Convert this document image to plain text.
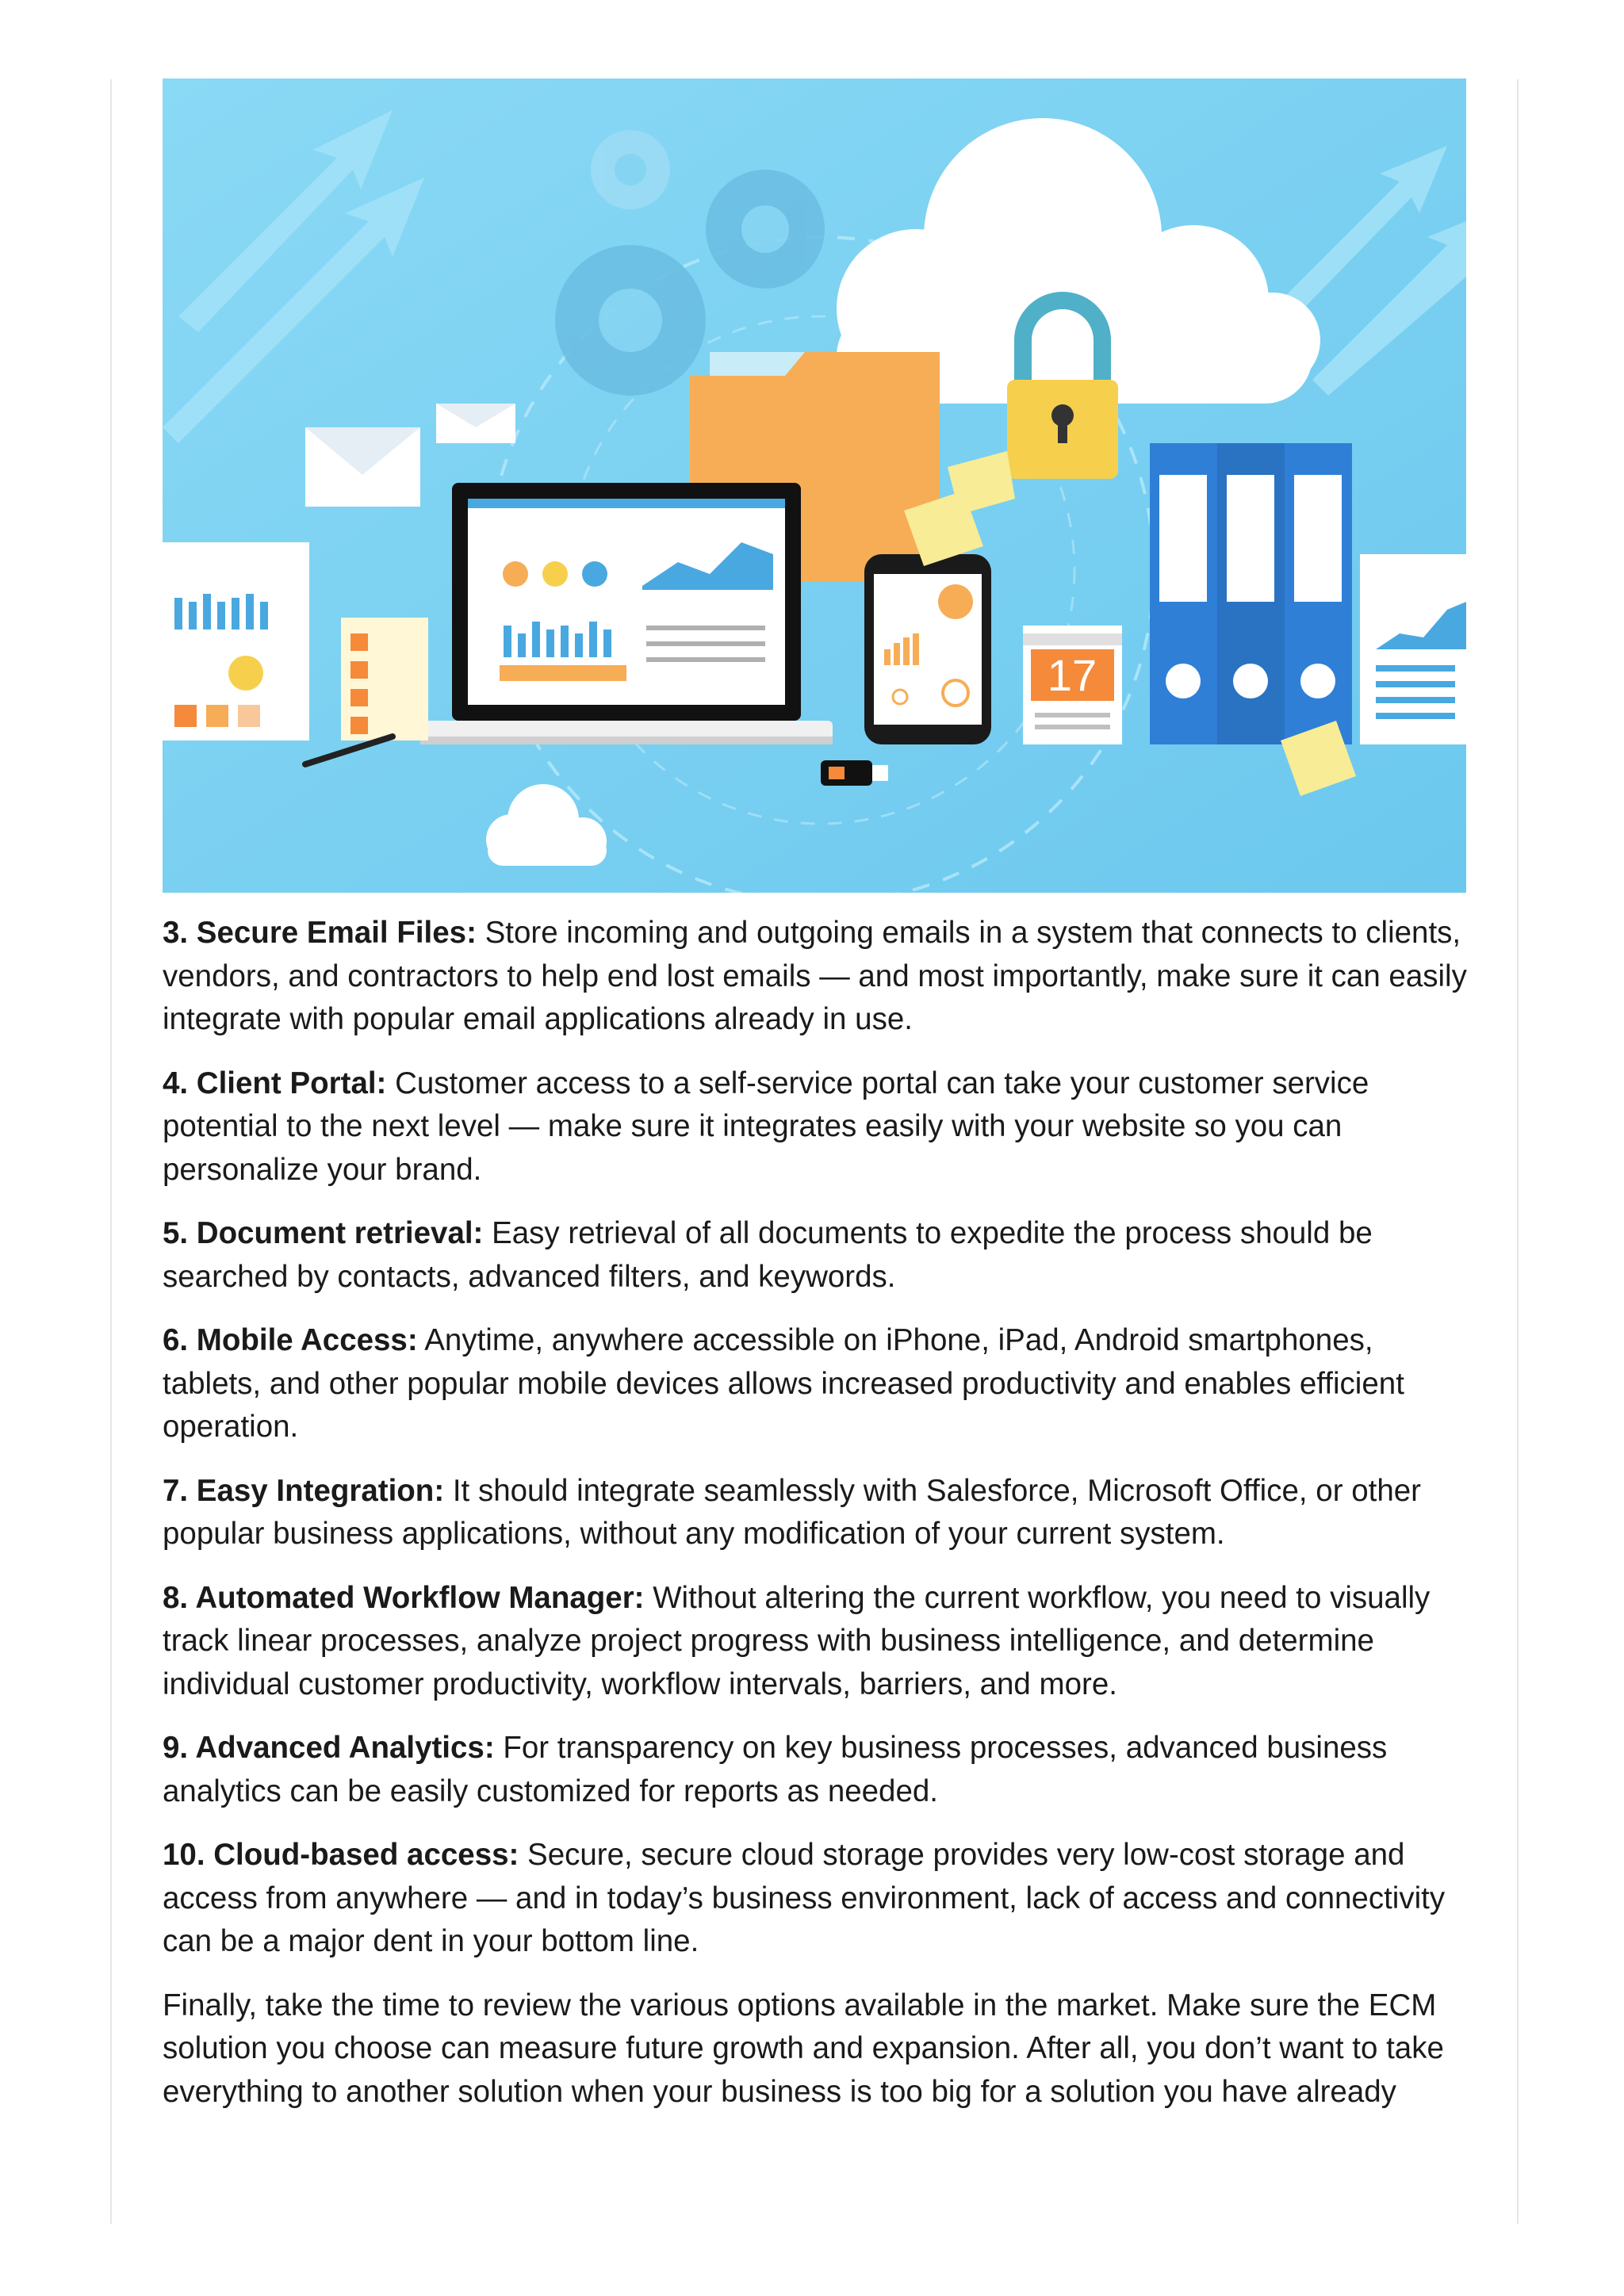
17

3. Secure Email Files: Store incoming and outgoing emails in a system that connects to clients, vendors, and contractors to help end lost emails — and most importantly, make sure it can easily integrate with popular email applications already in use.

4. Client Portal: Customer access to a self-service portal can take your customer service potential to the next level — make sure it integrates easily with your website so you can personalize your brand.

5. Document retrieval: Easy retrieval of all documents to expedite the process should be searched by contacts, advanced filters, and keywords.

6. Mobile Access: Anytime, anywhere accessible on iPhone, iPad, Android smartphones, tablets, and other popular mobile devices allows increased productivity and enables efficient operation.

7. Easy Integration: It should integrate seamlessly with Salesforce, Microsoft Office, or other popular business applications, without any modification of your current system.

8. Automated Workflow Manager: Without altering the current workflow, you need to visually track linear processes, analyze project progress with business intelligence, and determine individual customer productivity, workflow intervals, barriers, and more.

9. Advanced Analytics: For transparency on key business processes, advanced business analytics can be easily customized for reports as needed.

10. Cloud-based access: Secure, secure cloud storage provides very low-cost storage and access from anywhere — and in today’s business environment, lack of access and connectivity can be a major dent in your bottom line.

Finally, take the time to review the various options available in the market. Make sure the ECM solution you choose can measure future growth and expansion. After all, you don’t want to take everything to another solution when your business is too big for a solution you have already
